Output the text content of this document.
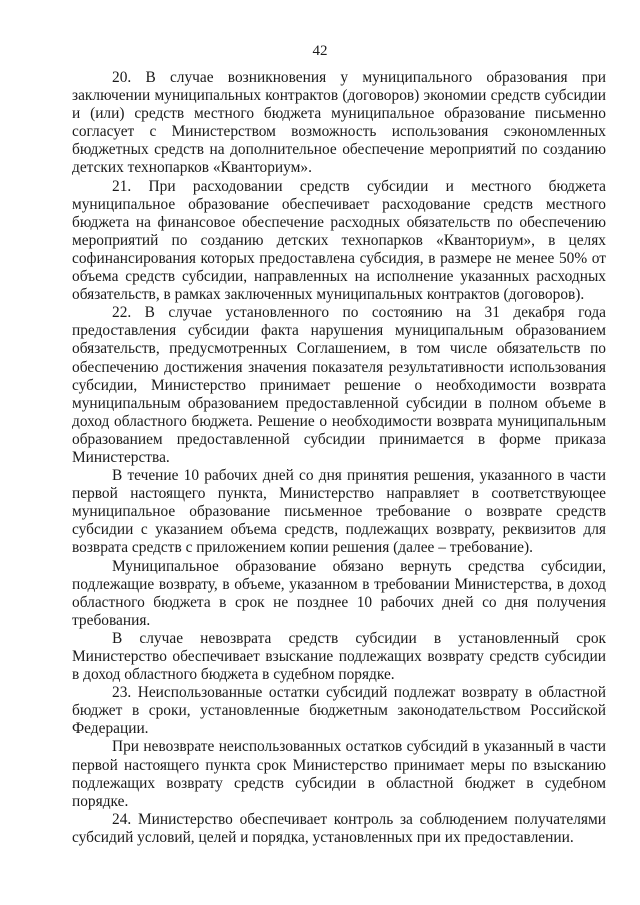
42

20. В случае возникновения у муниципального образования при заключении муниципальных контрактов (договоров) экономии средств субсидии и (или) средств местного бюджета муниципальное образование письменно согласует с Министерством возможность использования сэкономленных бюджетных средств на дополнительное обеспечение мероприятий по созданию детских технопарков «Кванториум».

21. При расходовании средств субсидии и местного бюджета муниципальное образование обеспечивает расходование средств местного бюджета на финансовое обеспечение расходных обязательств по обеспечению мероприятий по созданию детских технопарков «Кванториум», в целях софинансирования которых предоставлена субсидия, в размере не менее 50% от объема средств субсидии, направленных на исполнение указанных расходных обязательств, в рамках заключенных муниципальных контрактов (договоров).

22. В случае установленного по состоянию на 31 декабря года предоставления субсидии факта нарушения муниципальным образованием обязательств, предусмотренных Соглашением, в том числе обязательств по обеспечению достижения значения показателя результативности использования субсидии, Министерство принимает решение о необходимости возврата муниципальным образованием предоставленной субсидии в полном объеме в доход областного бюджета. Решение о необходимости возврата муниципальным образованием предоставленной субсидии принимается в форме приказа Министерства.

В течение 10 рабочих дней со дня принятия решения, указанного в части первой настоящего пункта, Министерство направляет в соответствующее муниципальное образование письменное требование о возврате средств субсидии с указанием объема средств, подлежащих возврату, реквизитов для возврата средств с приложением копии решения (далее – требование).

Муниципальное образование обязано вернуть средства субсидии, подлежащие возврату, в объеме, указанном в требовании Министерства, в доход областного бюджета в срок не позднее 10 рабочих дней со дня получения требования.

В случае невозврата средств субсидии в установленный срок Министерство обеспечивает взыскание подлежащих возврату средств субсидии в доход областного бюджета в судебном порядке.

23. Неиспользованные остатки субсидий подлежат возврату в областной бюджет в сроки, установленные бюджетным законодательством Российской Федерации.

При невозврате неиспользованных остатков субсидий в указанный в части первой настоящего пункта срок Министерство принимает меры по взысканию подлежащих возврату средств субсидии в областной бюджет в судебном порядке.

24. Министерство обеспечивает контроль за соблюдением получателями субсидий условий, целей и порядка, установленных при их предоставлении.
